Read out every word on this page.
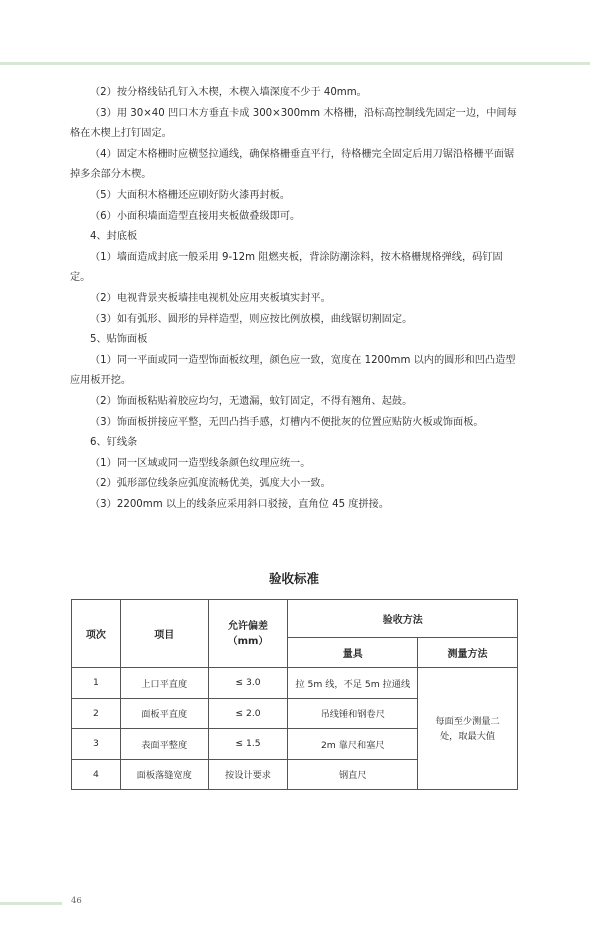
（2）按分格线钻孔钉入木楔，木楔入墙深度不少于 40mm。

（3）用 30×40 凹口木方垂直卡成 300×300mm 木格栅，沿标高控制线先固定一边，中间每格在木楔上打钉固定。

（4）固定木格栅时应横竖拉通线，确保格栅垂直平行，待格栅完全固定后用刀锯沿格栅平面锯掉多余部分木楔。

（5）大面积木格栅还应刷好防火漆再封板。

（6）小面积墙面造型直接用夹板做叠级即可。

4、封底板

（1）墙面造成封底一般采用 9-12m 阻燃夹板，背涂防潮涂料，按木格栅规格弹线，码钉固定。

（2）电视背景夹板墙挂电视机处应用夹板填实封平。

（3）如有弧形、圆形的异样造型，则应按比例放模，曲线锯切割固定。

5、贴饰面板

（1）同一平面或同一造型饰面板纹理，颜色应一致，宽度在 1200mm 以内的圆形和凹凸造型应用板开挖。

（2）饰面板粘贴着胶应均匀，无遗漏，蚊钉固定，不得有翘角、起鼓。

（3）饰面板拼接应平整，无凹凸挡手感，灯槽内不便批灰的位置应贴防火板或饰面板。

6、钉线条

（1）同一区域或同一造型线条颜色纹理应统一。

（2）弧形部位线条应弧度流畅优美，弧度大小一致。

（3）2200mm 以上的线条应采用斜口驳接，直角位 45 度拼接。

验收标准
项次	项目	允许偏差（mm）	验收方法	
			量具	测量方法
1	上口平直度	≤ 3.0	拉 5m 线，不足 5m 拉通线	每面至少测量二处，取最大值
2	面板平直度	≤ 2.0	吊线锤和钢卷尺	
3	表面平整度	≤ 1.5	2m 靠尺和塞尺	
4	面板落缝宽度	按设计要求	钢直尺	
46
